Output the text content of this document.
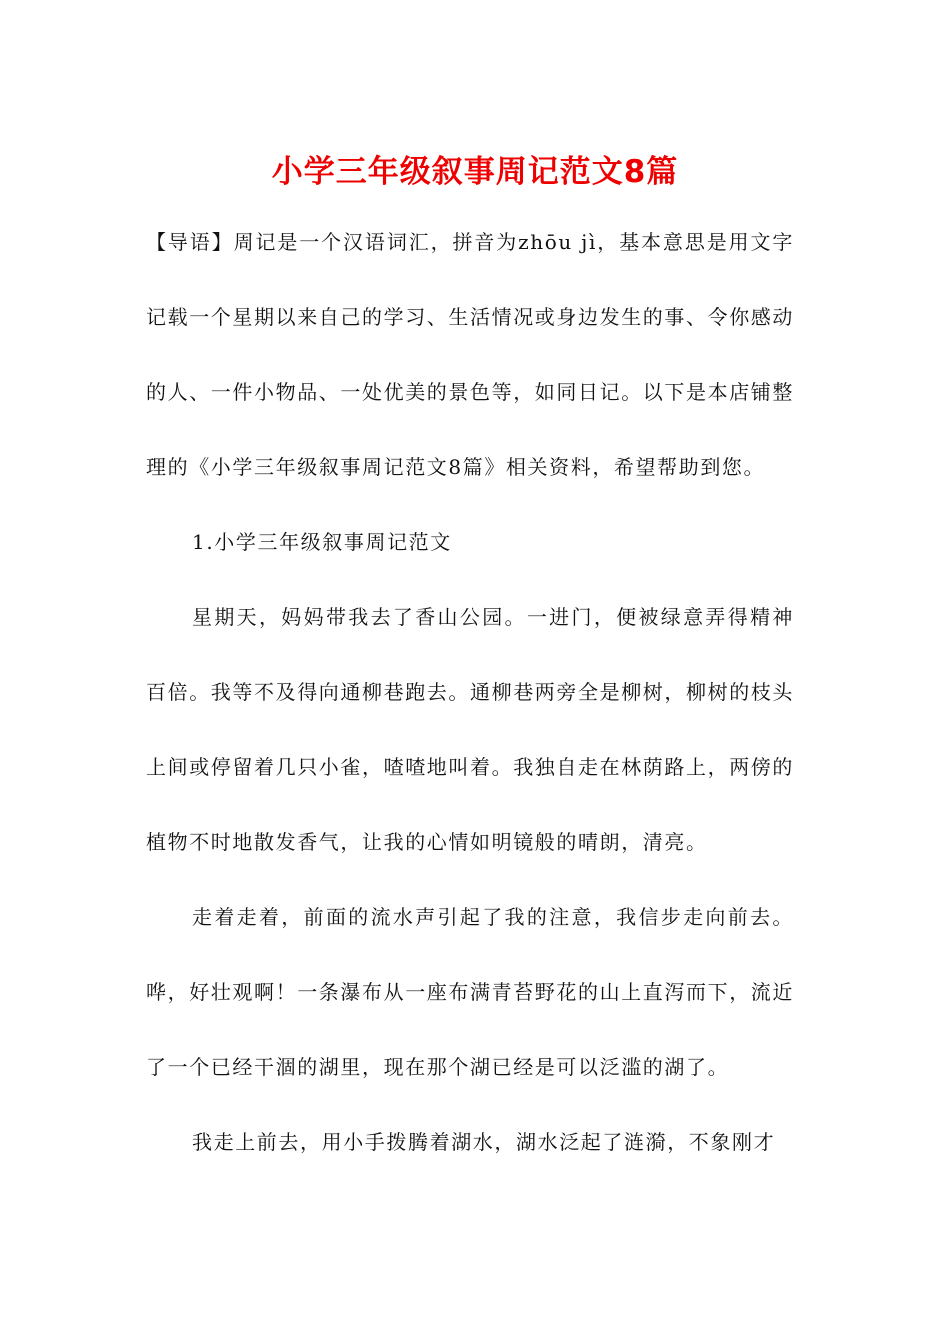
小学三年级叙事周记范文8篇

【导语】周记是一个汉语词汇，拼音为zhōu jì，基本意思是用文字记载一个星期以来自己的学习、生活情况或身边发生的事、令你感动的人、一件小物品、一处优美的景色等，如同日记。以下是本店铺整理的《小学三年级叙事周记范文8篇》相关资料，希望帮助到您。

1.小学三年级叙事周记范文

星期天，妈妈带我去了香山公园。一进门，便被绿意弄得精神百倍。我等不及得向通柳巷跑去。通柳巷两旁全是柳树，柳树的枝头上间或停留着几只小雀，喳喳地叫着。我独自走在林荫路上，两傍的植物不时地散发香气，让我的心情如明镜般的晴朗，清亮。

走着走着，前面的流水声引起了我的注意，我信步走向前去。哗，好壮观啊！一条瀑布从一座布满青苔野花的山上直泻而下，流近了一个已经干涸的湖里，现在那个湖已经是可以泛滥的湖了。

我走上前去，用小手拨腾着湖水，湖水泛起了涟漪，不象刚才
